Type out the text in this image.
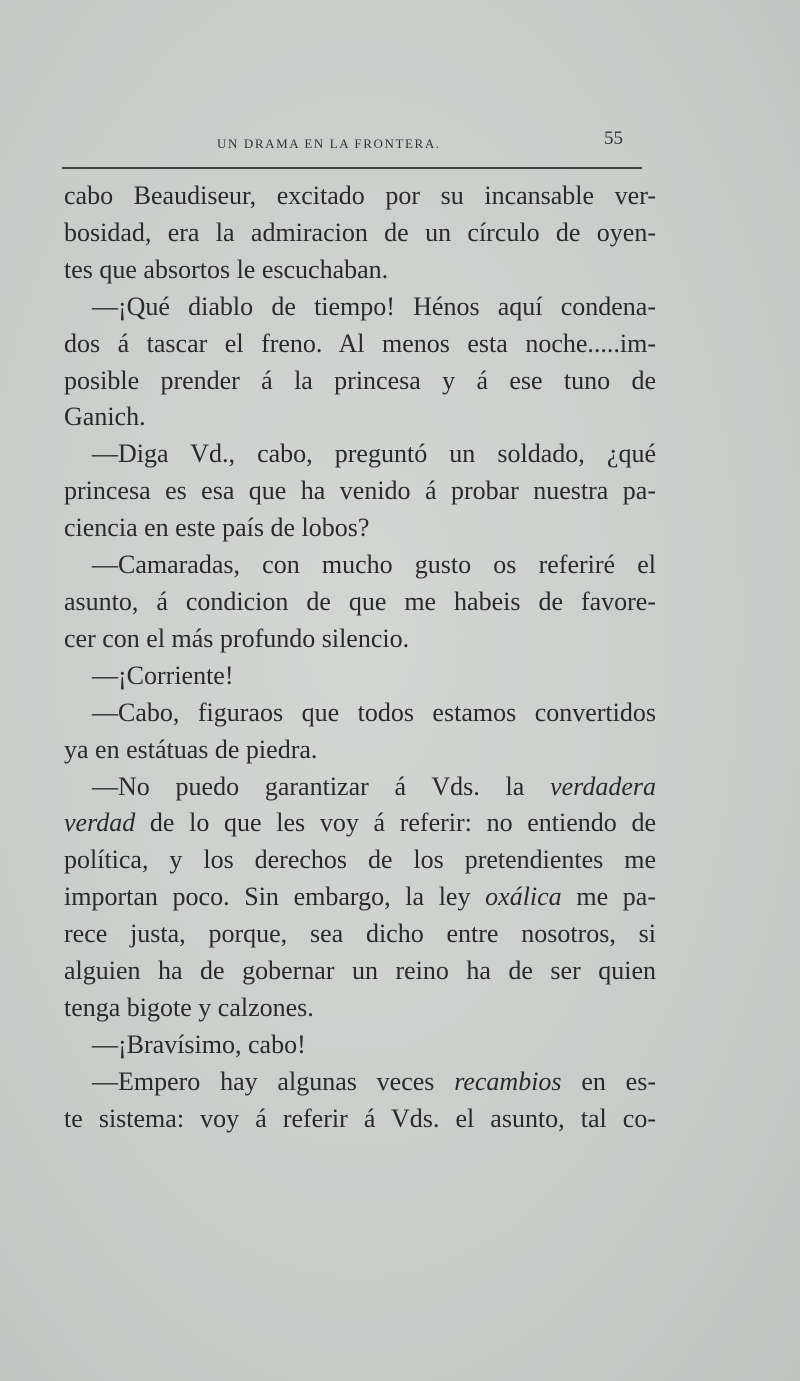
UN DRAMA EN LA FRONTERA.	55
cabo Beaudiseur, excitado por su incansable ver-
bosidad, era la admiracion de un círculo de oyen-
tes que absortos le escuchaban.
—¡Qué diablo de tiempo! Hénos aquí condena-
dos á tascar el freno. Al menos esta noche.....im-
posible prender á la princesa y á ese tuno de
Ganich.
—Diga Vd., cabo, preguntó un soldado, ¿qué
princesa es esa que ha venido á probar nuestra pa-
ciencia en este país de lobos?
—Camaradas, con mucho gusto os referiré el
asunto, á condicion de que me habeis de favore-
cer con el más profundo silencio.
—¡Corriente!
—Cabo, figuraos que todos estamos convertidos
ya en estátuas de piedra.
—No puedo garantizar á Vds. la verdadera
verdad de lo que les voy á referir: no entiendo de
política, y los derechos de los pretendientes me
importan poco. Sin embargo, la ley oxálica me pa-
rece justa, porque, sea dicho entre nosotros, si
alguien ha de gobernar un reino ha de ser quien
tenga bigote y calzones.
—¡Bravísimo, cabo!
—Empero hay algunas veces recambios en es-
te sistema: voy á referir á Vds. el asunto, tal co-
